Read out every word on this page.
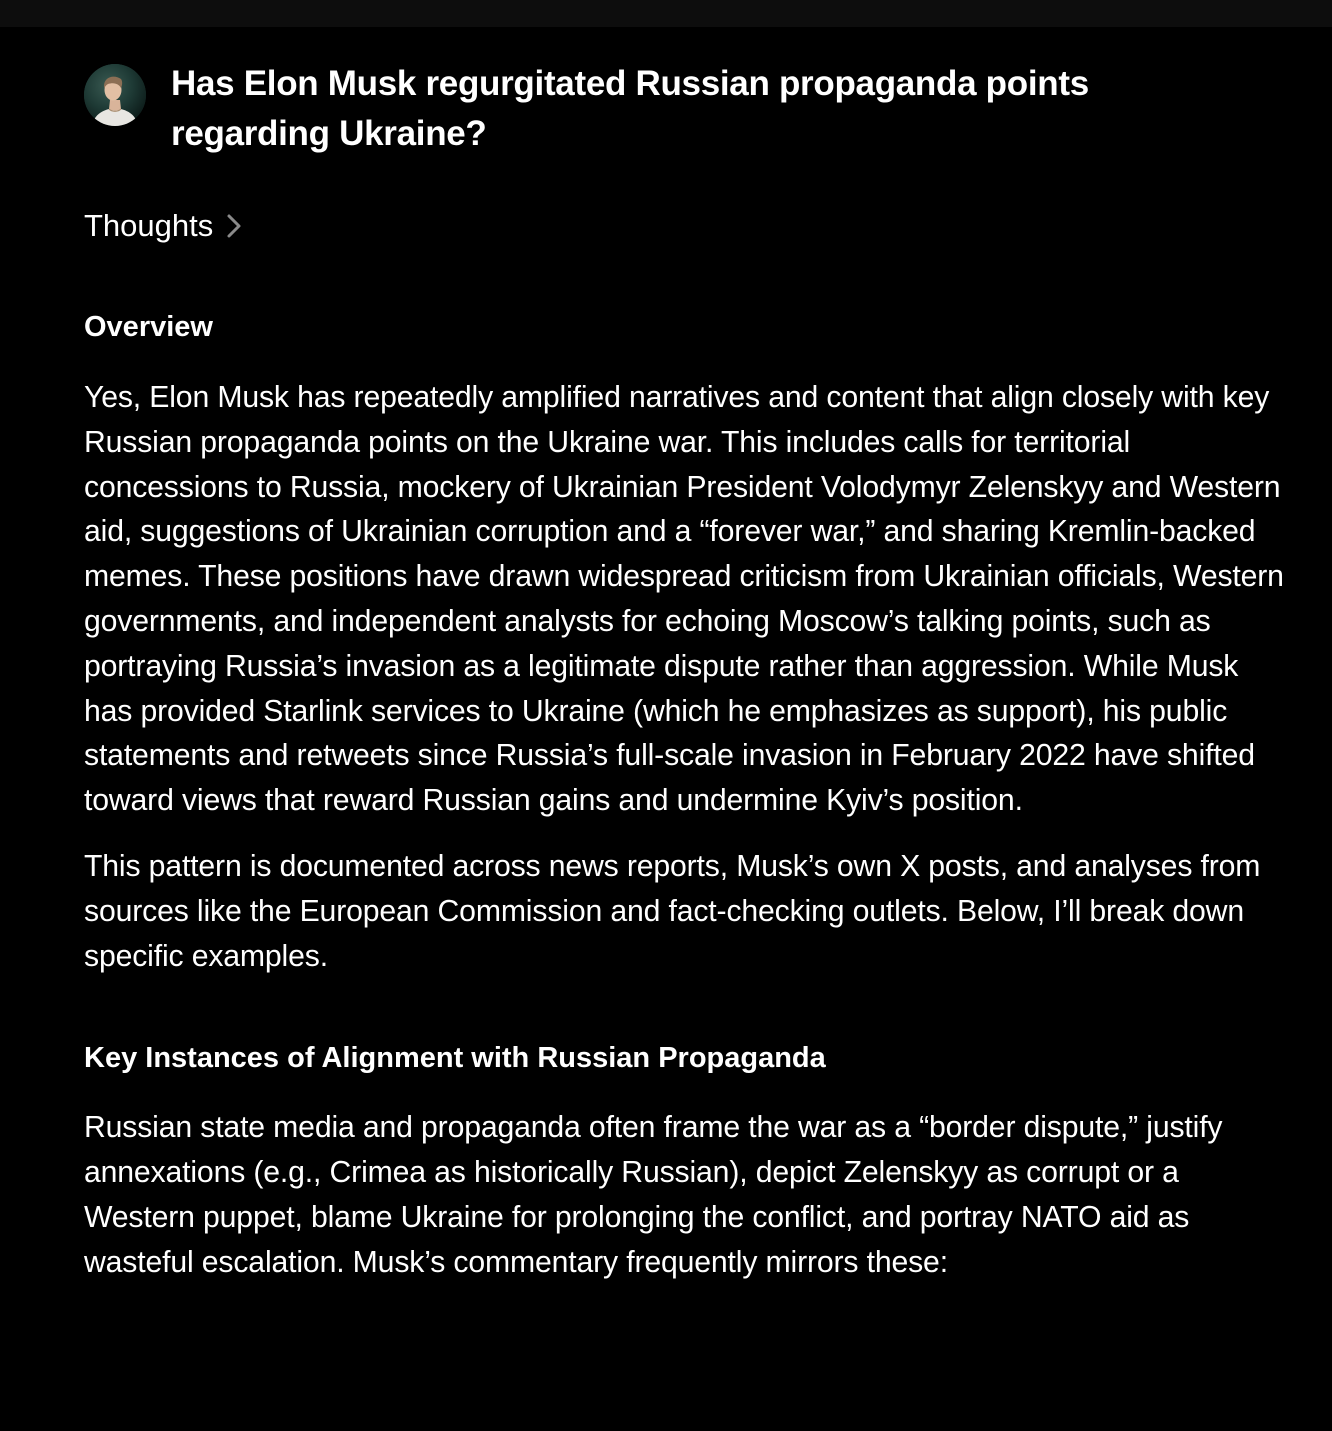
Has Elon Musk regurgitated Russian propaganda points regarding Ukraine?
Thoughts
Overview

Yes, Elon Musk has repeatedly amplified narratives and content that align closely with key Russian propaganda points on the Ukraine war. This includes calls for territorial concessions to Russia, mockery of Ukrainian President Volodymyr Zelenskyy and Western aid, suggestions of Ukrainian corruption and a “forever war,” and sharing Kremlin-backed memes. These positions have drawn widespread criticism from Ukrainian officials, Western governments, and independent analysts for echoing Moscow’s talking points, such as portraying Russia’s invasion as a legitimate dispute rather than aggression. While Musk has provided Starlink services to Ukraine (which he emphasizes as support), his public statements and retweets since Russia’s full-scale invasion in February 2022 have shifted toward views that reward Russian gains and undermine Kyiv’s position.

This pattern is documented across news reports, Musk’s own X posts, and analyses from sources like the European Commission and fact-checking outlets. Below, I’ll break down specific examples.

Key Instances of Alignment with Russian Propaganda

Russian state media and propaganda often frame the war as a “border dispute,” justify annexations (e.g., Crimea as historically Russian), depict Zelenskyy as corrupt or a Western puppet, blame Ukraine for prolonging the conflict, and portray NATO aid as wasteful escalation. Musk’s commentary frequently mirrors these:
